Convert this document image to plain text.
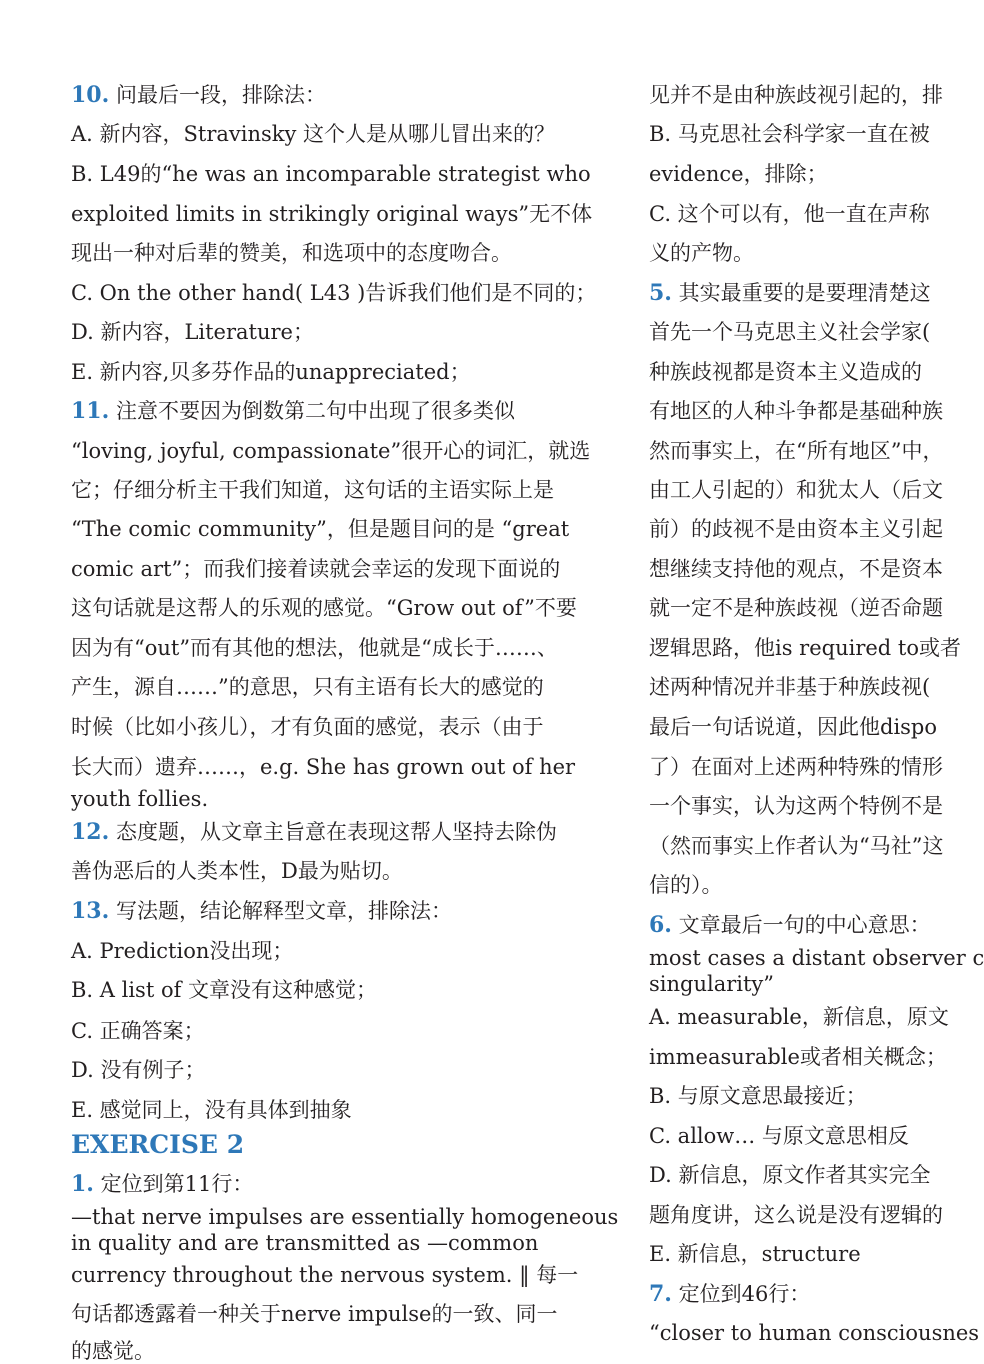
10. 问最后一段，排除法：
A. 新内容，Stravinsky 这个人是从哪儿冒出来的？
B. L49的“he was an incomparable strategist who
exploited limits in strikingly original ways”无不体
现出一种对后辈的赞美，和选项中的态度吻合。
C. On the other hand( L43 )告诉我们他们是不同的；
D. 新内容，Literature；
E. 新内容,贝多芬作品的unappreciated；
11. 注意不要因为倒数第二句中出现了很多类似
“loving, joyful, compassionate”很开心的词汇，就选
它；仔细分析主干我们知道，这句话的主语实际上是
“The comic community”，但是题目问的是 “great
comic art”；而我们接着读就会幸运的发现下面说的
这句话就是这帮人的乐观的感觉。“Grow out of”不要
因为有“out”而有其他的想法，他就是“成长于……、
产生，源自……”的意思，只有主语有长大的感觉的
时候（比如小孩儿），才有负面的感觉，表示（由于
长大而）遗弃……，e.g. She has grown out of her
youth follies.
12. 态度题，从文章主旨意在表现这帮人坚持去除伪
善伪恶后的人类本性，D最为贴切。
13. 写法题，结论解释型文章，排除法：
A. Prediction没出现；
B. A list of 文章没有这种感觉；
C. 正确答案；
D. 没有例子；
E. 感觉同上，没有具体到抽象
EXERCISE 2
1. 定位到第11行：
—that nerve impulses are essentially homogeneous
in quality and are transmitted as —common
currency throughout the nervous system. ‖ 每一
句话都透露着一种关于nerve impulse的一致、同一
的感觉。
见并不是由种族歧视引起的，排
B. 马克思社会科学家一直在被
evidence，排除；
C. 这个可以有，他一直在声称
义的产物。
5. 其实最重要的是要理清楚这
首先一个马克思主义社会学家(
种族歧视都是资本主义造成的
有地区的人种斗争都是基础种族
然而事实上，在“所有地区”中，
由工人引起的）和犹太人（后文
前）的歧视不是由资本主义引起
想继续支持他的观点，不是资本
就一定不是种族歧视（逆否命题
逻辑思路，他is required to或者
述两种情况并非基于种族歧视(
最后一句话说道，因此他dispo
了）在面对上述两种特殊的情形
一个事实，认为这两个特例不是
（然而事实上作者认为“马社”这
信的）。
6. 文章最后一句的中心意思：
most cases a distant observer c
singularity”
A. measurable，新信息，原文
immeasurable或者相关概念；
B. 与原文意思最接近；
C. allow… 与原文意思相反
D. 新信息，原文作者其实完全
题角度讲，这么说是没有逻辑的
E. 新信息，structure
7. 定位到46行：
“closer to human consciousnes
